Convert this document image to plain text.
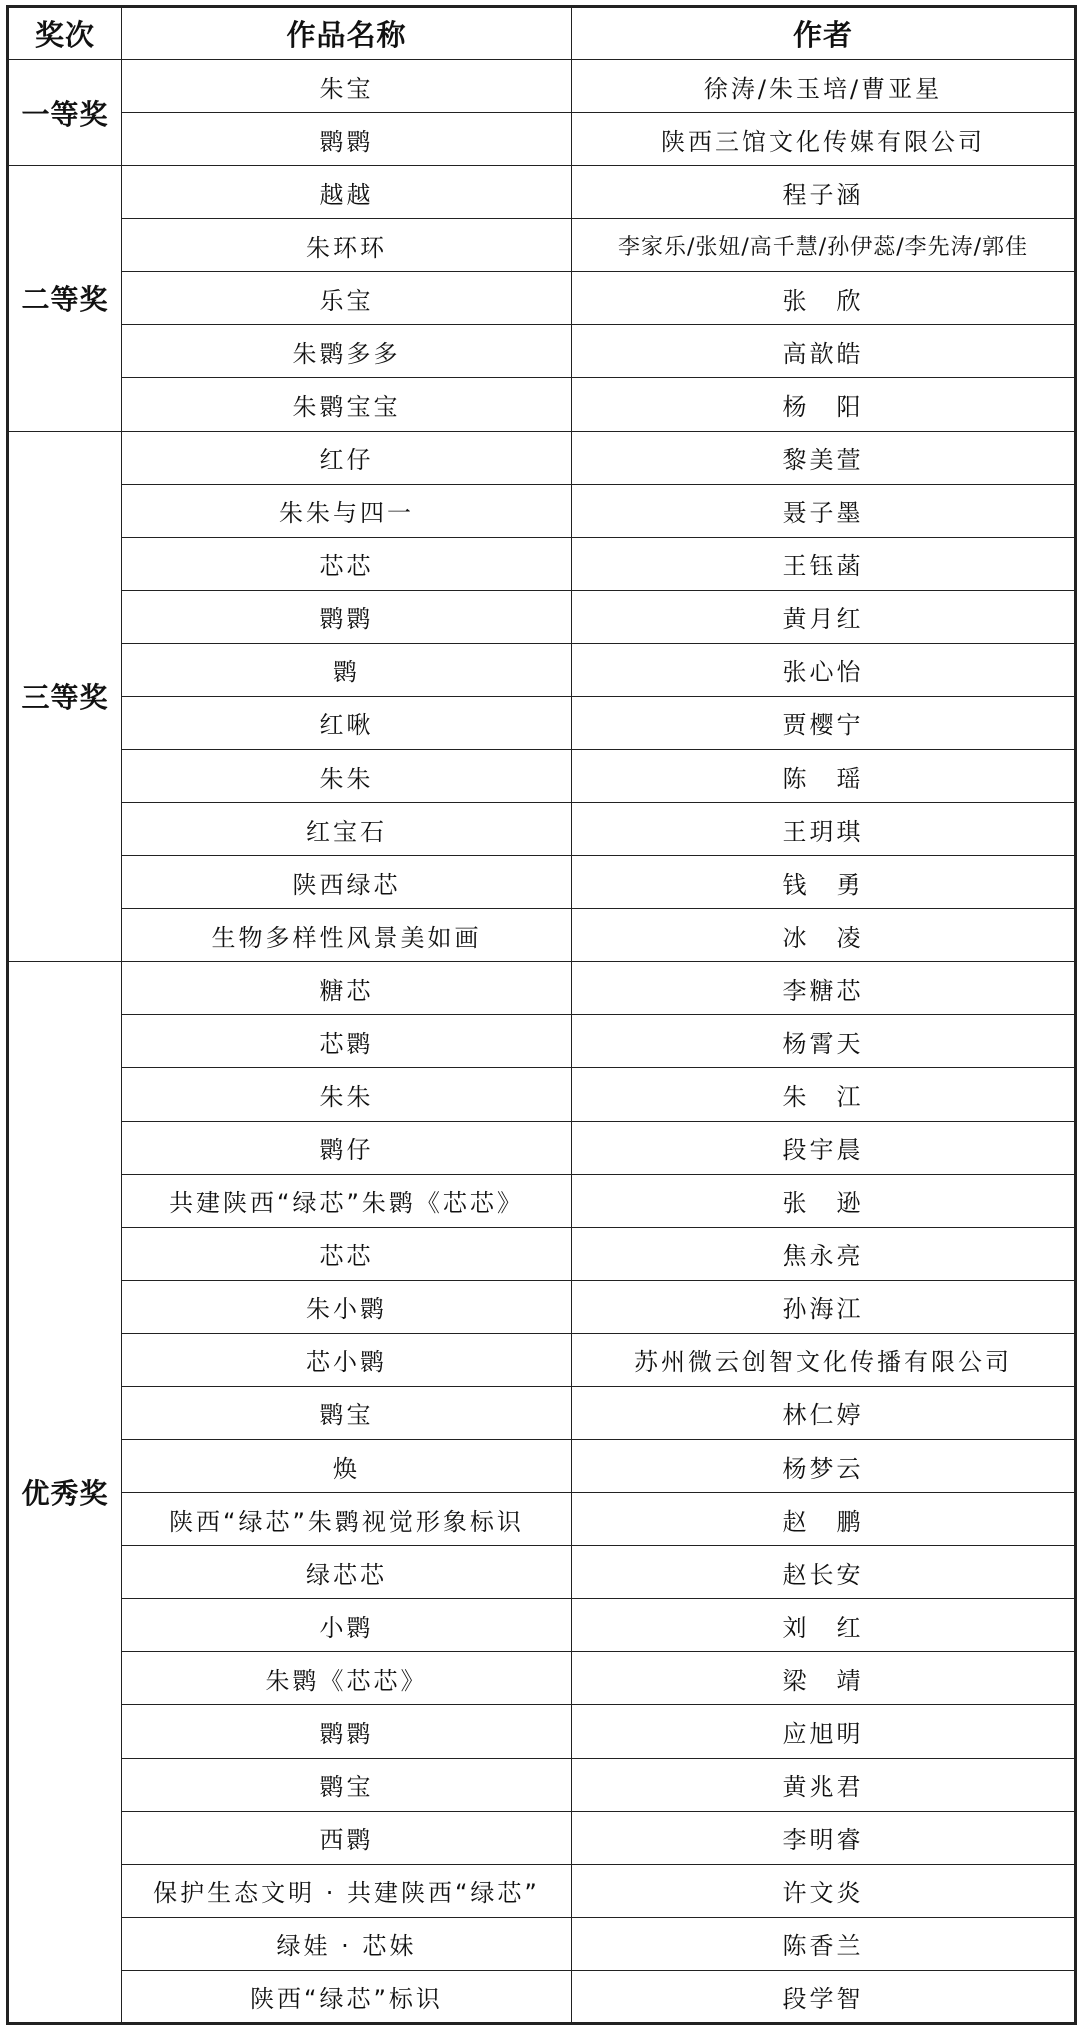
奖次	作品名称	作者
一等奖	朱宝	徐涛/朱玉培/曹亚星
	鹮鹮	陕西三馆文化传媒有限公司
二等奖	越越	程子涵
	朱环环	李家乐/张妞/高千慧/孙伊蕊/李先涛/郭佳
	乐宝	张　欣
	朱鹮多多	高歆皓
	朱鹮宝宝	杨　阳
三等奖	红仔	黎美萱
	朱朱与四一	聂子墨
	芯芯	王钰菡
	鹮鹮	黄月红
	鹮	张心怡
	红啾	贾樱宁
	朱朱	陈　瑶
	红宝石	王玥琪
	陕西绿芯	钱　勇
	生物多样性风景美如画	冰　凌
优秀奖	糖芯	李糖芯
	芯鹮	杨霄天
	朱朱	朱　江
	鹮仔	段宇晨
	共建陕西“绿芯”朱鹮《芯芯》	张　逊
	芯芯	焦永亮
	朱小鹮	孙海江
	芯小鹮	苏州微云创智文化传播有限公司
	鹮宝	林仁婷
	焕	杨梦云
	陕西“绿芯”朱鹮视觉形象标识	赵　鹏
	绿芯芯	赵长安
	小鹮	刘　红
	朱鹮《芯芯》	梁　靖
	鹮鹮	应旭明
	鹮宝	黄兆君
	西鹮	李明睿
	保护生态文明 · 共建陕西“绿芯”	许文炎
	绿娃 · 芯妹	陈香兰
	陕西“绿芯”标识	段学智
